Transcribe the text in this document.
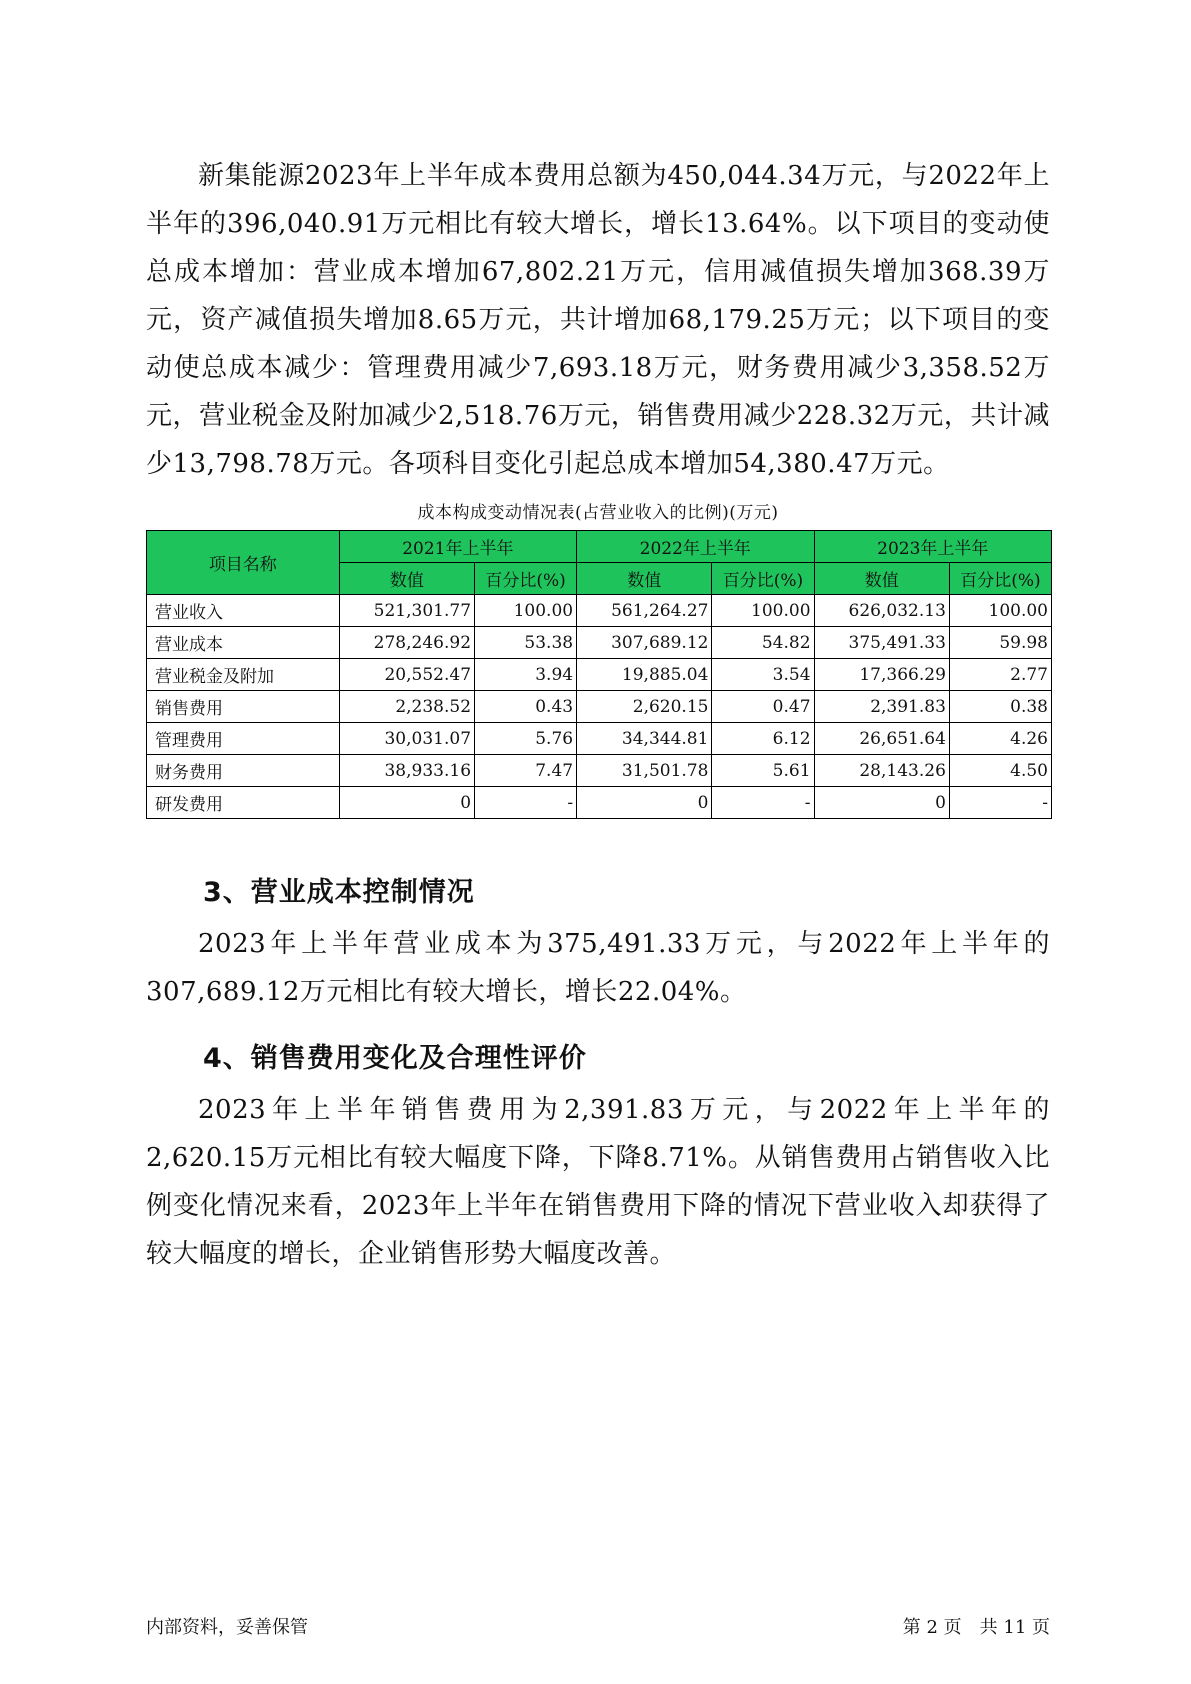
新集能源2023年上半年成本费用总额为450,044.34万元，与2022年上半年的396,040.91万元相比有较大增长，增长13.64%。以下项目的变动使总成本增加：营业成本增加67,802.21万元，信用减值损失增加368.39万元，资产减值损失增加8.65万元，共计增加68,179.25万元；以下项目的变动使总成本减少：管理费用减少7,693.18万元，财务费用减少3,358.52万元，营业税金及附加减少2,518.76万元，销售费用减少228.32万元，共计减少13,798.78万元。各项科目变化引起总成本增加54,380.47万元。

成本构成变动情况表(占营业收入的比例)(万元)
项目名称	2021年上半年		2022年上半年		2023年上半年	
	数值	百分比(%)	数值	百分比(%)	数值	百分比(%)
营业收入	521,301.77	100.00	561,264.27	100.00	626,032.13	100.00
营业成本	278,246.92	53.38	307,689.12	54.82	375,491.33	59.98
营业税金及附加	20,552.47	3.94	19,885.04	3.54	17,366.29	2.77
销售费用	2,238.52	0.43	2,620.15	0.47	2,391.83	0.38
管理费用	30,031.07	5.76	34,344.81	6.12	26,651.64	4.26
财务费用	38,933.16	7.47	31,501.78	5.61	28,143.26	4.50
研发费用	0	-	0	-	0	-
3、营业成本控制情况

2023年上半年营业成本为375,491.33万元，与2022年上半年的307,689.12万元相比有较大增长，增长22.04%。

4、销售费用变化及合理性评价

2023年上半年销售费用为2,391.83万元，与2022年上半年的2,620.15万元相比有较大幅度下降，下降8.71%。从销售费用占销售收入比例变化情况来看，2023年上半年在销售费用下降的情况下营业收入却获得了较大幅度的增长，企业销售形势大幅度改善。

内部资料，妥善保管	第 2 页　共 11 页
